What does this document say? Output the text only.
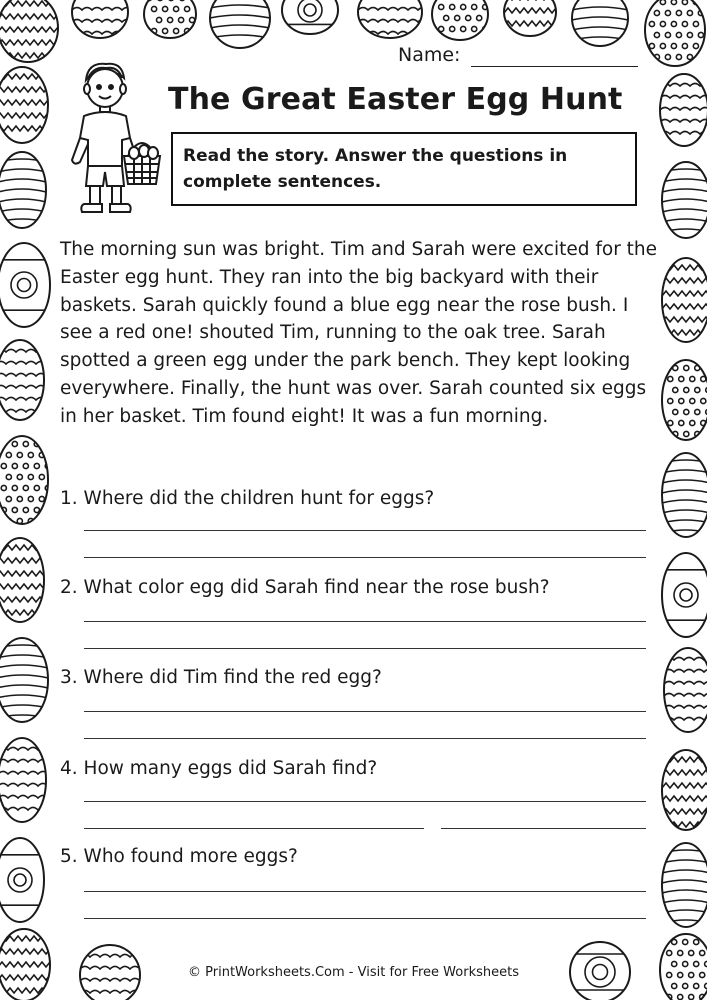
Name:
The Great Easter Egg Hunt
Read the story. Answer the questions in complete sentences.
The morning sun was bright. Tim and Sarah were excited for the Easter egg hunt. They ran into the big backyard with their baskets. Sarah quickly found a blue egg near the rose bush. I see a red one! shouted Tim, running to the oak tree. Sarah spotted a green egg under the park bench. They kept looking everywhere. Finally, the hunt was over. Sarah counted six eggs in her basket. Tim found eight! It was a fun morning.
1. Where did the children hunt for eggs?
2. What color egg did Sarah find near the rose bush?
3. Where did Tim find the red egg?
4. How many eggs did Sarah find?
5. Who found more eggs?
© PrintWorksheets.Com - Visit for Free Worksheets
